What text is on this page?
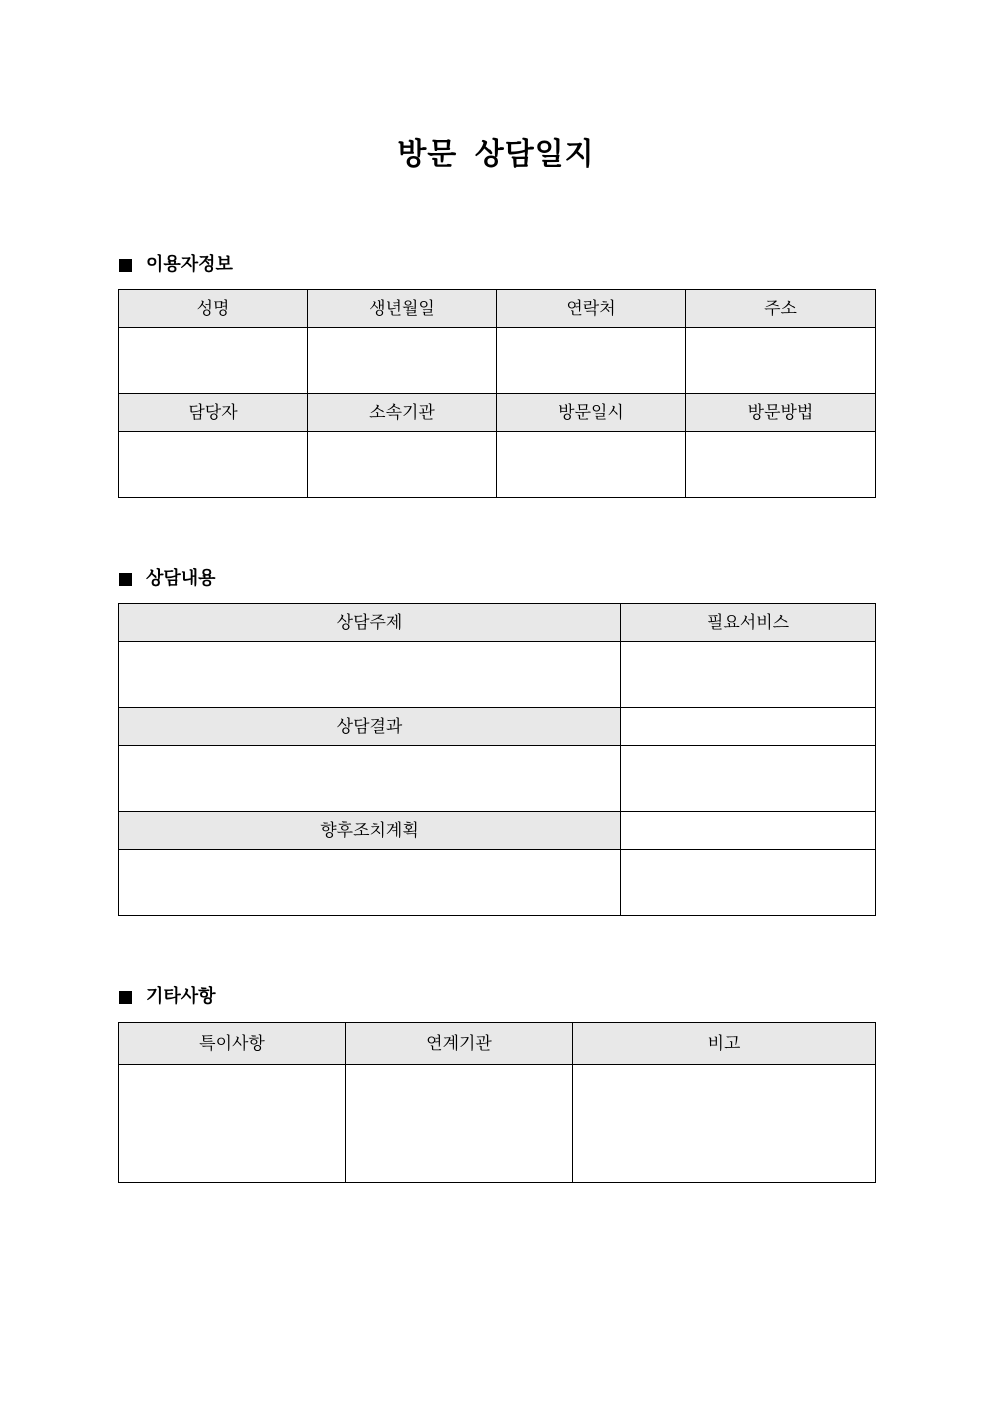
방문 상담일지
이용자정보
성명	생년월일	연락처	주소

담당자	소속기관	방문일시	방문방법

상담내용
상담주제	필요서비스

상담결과	

향후조치계획	

기타사항
특이사항	연계기관	비고
